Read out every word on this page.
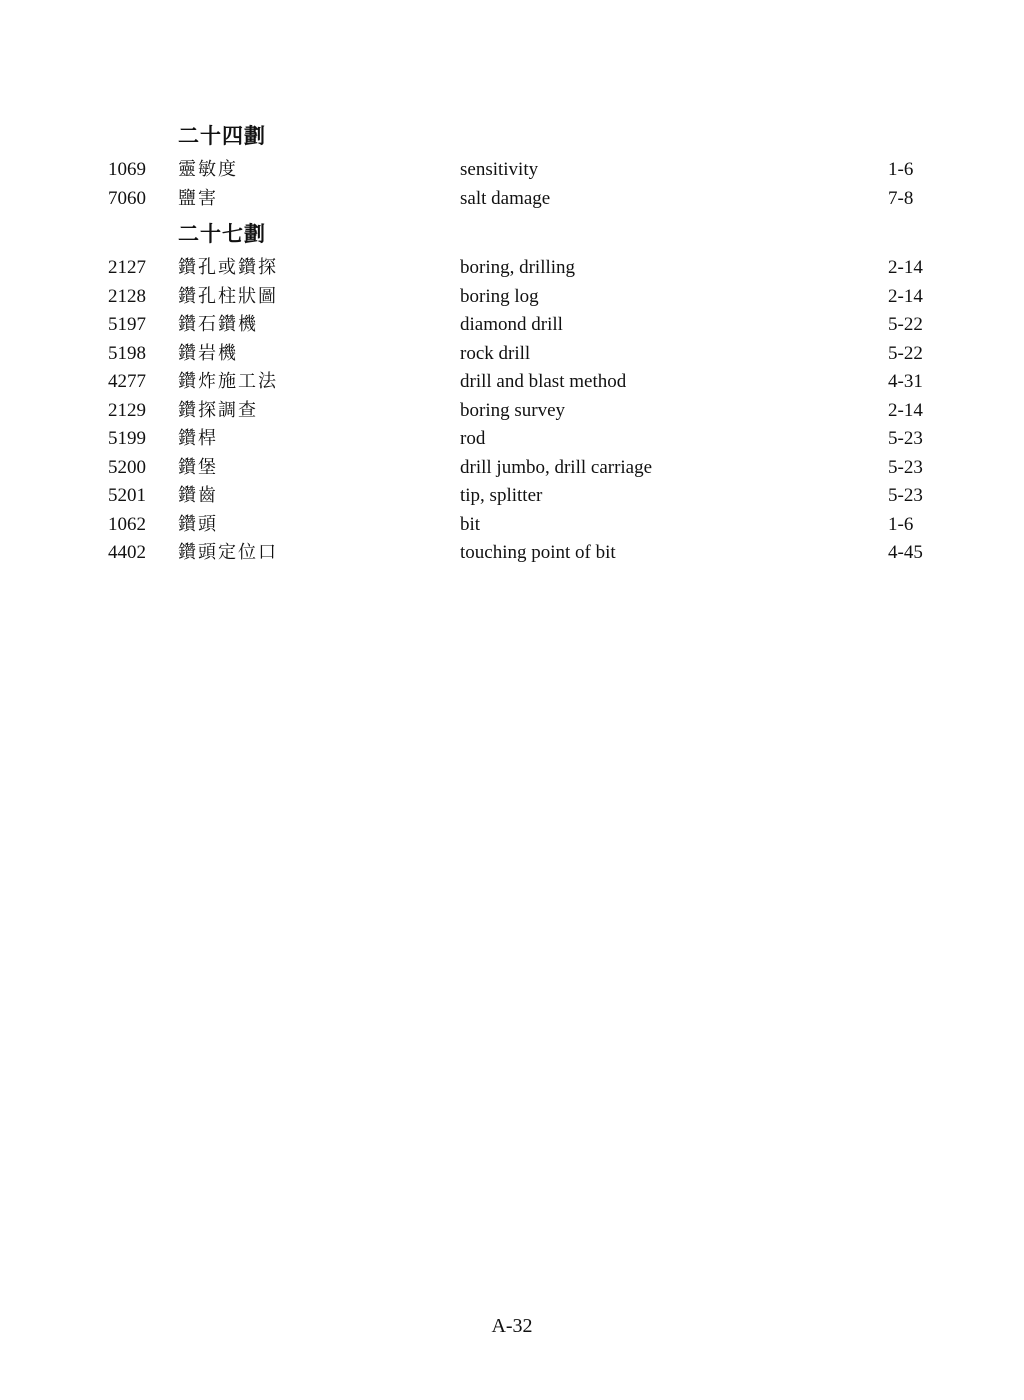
二十四劃
1069	靈敏度	sensitivity	1-6
7060	鹽害	salt damage	7-8
二十七劃
2127	鑽孔或鑽探	boring, drilling	2-14
2128	鑽孔柱狀圖	boring log	2-14
5197	鑽石鑽機	diamond drill	5-22
5198	鑽岩機	rock drill	5-22
4277	鑽炸施工法	drill and blast method	4-31
2129	鑽探調查	boring survey	2-14
5199	鑽桿	rod	5-23
5200	鑽堡	drill jumbo, drill carriage	5-23
5201	鑽齒	tip, splitter	5-23
1062	鑽頭	bit	1-6
4402	鑽頭定位口	touching point of bit	4-45
A-32
